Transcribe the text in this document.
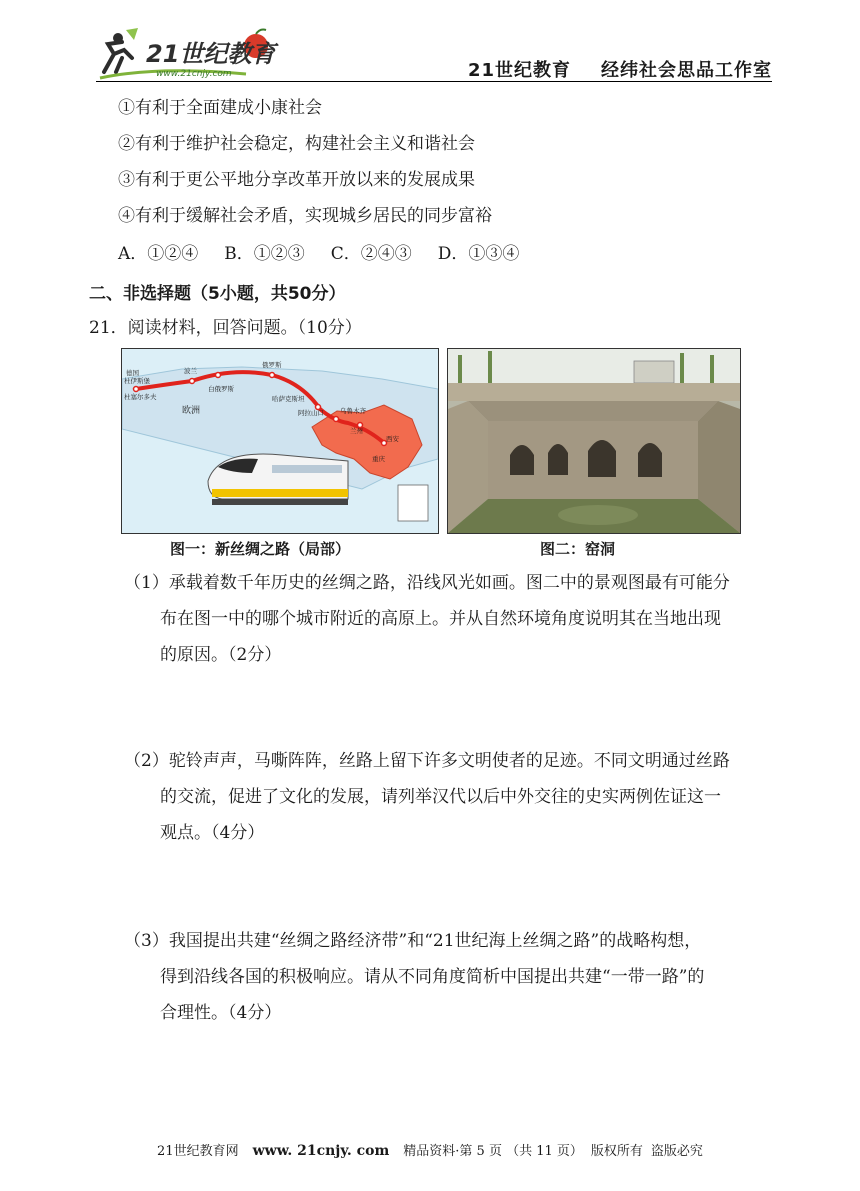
21世纪教育
www.21cnjy.com	21世纪教育 经纬社会思品工作室
①有利于全面建成小康社会
②有利于维护社会稳定，构建社会主义和谐社会
③有利于更公平地分享改革开放以来的发展成果
④有利于缓解社会矛盾，实现城乡居民的同步富裕
A．①②④ B．①②③ C．②④③ D．①③④
二、非选择题（5小题，共50分）
21．阅读材料，回答问题。（10分）
德国
杜伊斯堡
杜塞尔多夫
波兰
白俄罗斯
俄罗斯
哈萨克斯坦
阿拉山口 乌鲁木齐
兰州
西安
重庆
欧洲
图一：新丝绸之路（局部）	图二：窑洞

（1）承载着数千年历史的丝绸之路，沿线风光如画。图二中的景观图最有可能分

布在图一中的哪个城市附近的高原上。并从自然环境角度说明其在当地出现

的原因。（2分）

（2）驼铃声声，马嘶阵阵，丝路上留下许多文明使者的足迹。不同文明通过丝路

的交流，促进了文化的发展，请列举汉代以后中外交往的史实两例佐证这一

观点。（4分）

（3）我国提出共建“丝绸之路经济带”和“21世纪海上丝绸之路”的战略构想，

得到沿线各国的积极响应。请从不同角度简析中国提出共建“一带一路”的

合理性。（4分）

21世纪教育网 www. 21cnjy. com 精品资料·第 5 页 （共 11 页） 版权所有 盗版必究
